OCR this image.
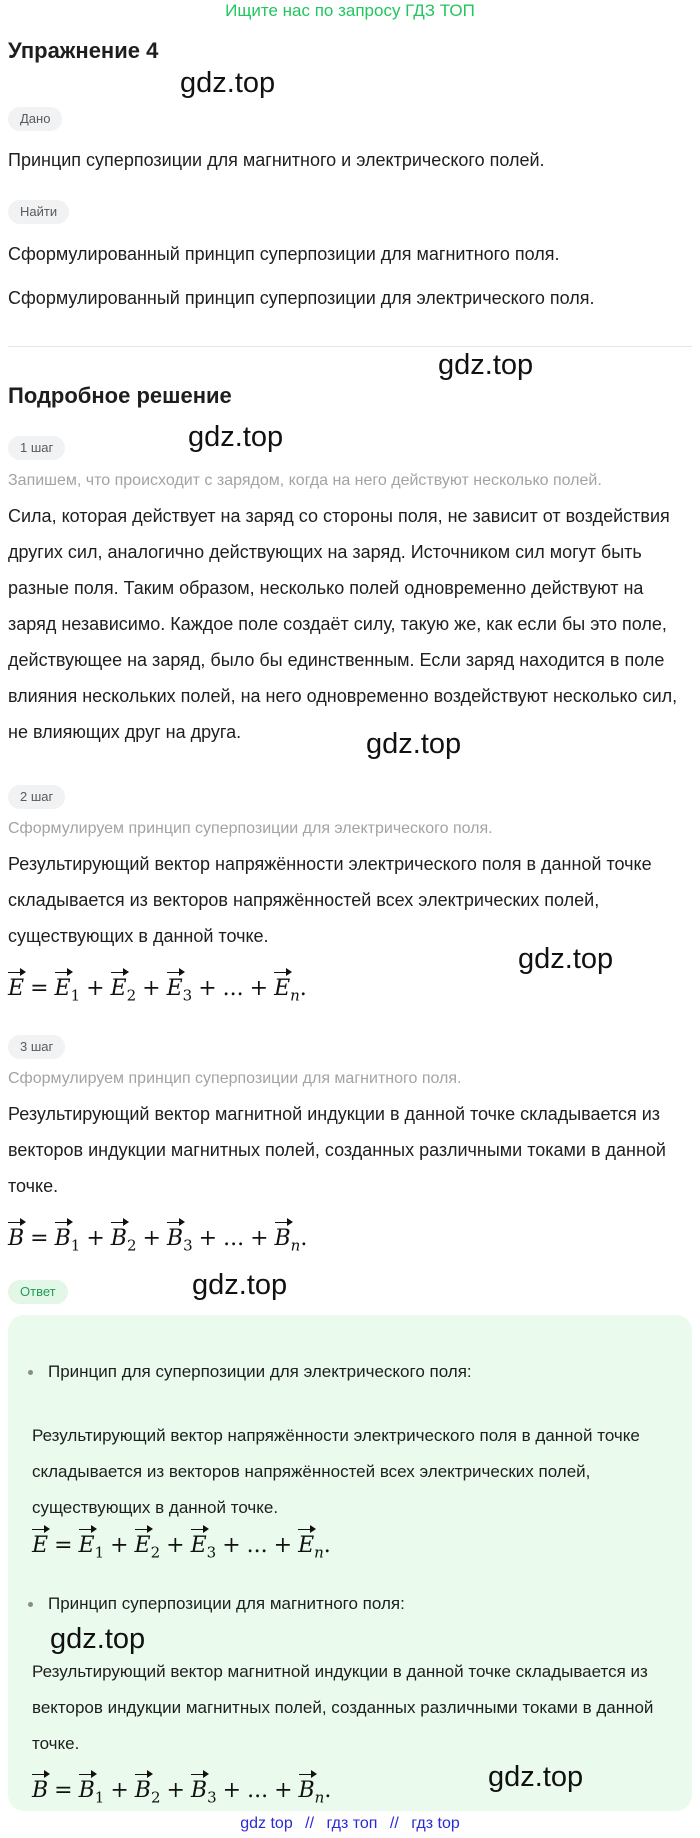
Ищите нас по запросу ГДЗ ТОП
Упражнение 4
gdz.top
Дано
Принцип суперпозиции для магнитного и электрического полей.
Найти
Сформулированный принцип суперпозиции для магнитного поля.
Сформулированный принцип суперпозиции для электрического поля.
gdz.top
Подробное решение
gdz.top
1 шаг
Запишем, что происходит с зарядом, когда на него действуют несколько полей.
Сила, которая действует на заряд со стороны поля, не зависит от воздействия других сил, аналогично действующих на заряд. Источником сил могут быть разные поля. Таким образом, несколько полей одновременно действуют на заряд независимо. Каждое поле создаёт силу, такую же, как если бы это поле, действующее на заряд, было бы единственным. Если заряд находится в поле влияния нескольких полей, на него одновременно воздействуют несколько сил, не влияющих друг на друга.	gdz.top
2 шаг
Сформулируем принцип суперпозиции для электрического поля.
Результирующий вектор напряжённости электрического поля в данной точке складывается из векторов напряжённостей всех электрических полей, существующих в данной точке.
gdz.top
$E = E_1 + E_2 + E_3$ + ... + $E_n$.
3 шаг
Сформулируем принцип суперпозиции для магнитного поля.
Результирующий вектор магнитной индукции в данной точке складывается из векторов индукции магнитных полей, созданных различными токами в данной точке.
$B = B_1 + B_2 + B_3$ + ... + $B_n$.
Ответ	gdz.top
Принцип для суперпозиции для электрического поля:
Результирующий вектор напряжённости электрического поля в данной точке складывается из векторов напряжённостей всех электрических полей, существующих в данной точке.
$E = E_1 + E_2 + E_3$ + ... + $E_n$.
Принцип суперпозиции для магнитного поля:
gdz.top
Результирующий вектор магнитной индукции в данной точке складывается из векторов индукции магнитных полей, созданных различными токами в данной точке.
gdz.top
$B = B_1 + B_2 + B_3$ + ... + $B_n$.
gdz top // гдз топ // гдз top
